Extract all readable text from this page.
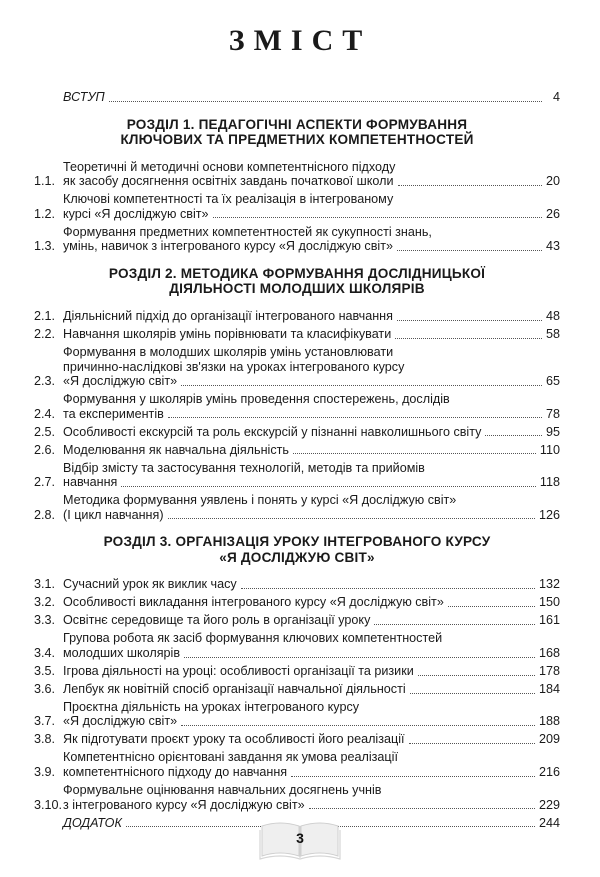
ЗМІСТ
ВСТУП	4
РОЗДІЛ 1. ПЕДАГОГІЧНІ АСПЕКТИ ФОРМУВАННЯ
КЛЮЧОВИХ ТА ПРЕДМЕТНИХ КОМПЕТЕНТНОСТЕЙ
1.1.
Теоретичні й методичні основи компетентнісного підходу
як засобу досягнення освітніх завдань початкової школи	20
1.2.
Ключові компетентності та їх реалізація в інтегрованому
курсі «Я досліджую світ»	26
1.3.
Формування предметних компетентностей як сукупності знань,
умінь, навичок з інтегрованого курсу «Я досліджую світ»	43
РОЗДІЛ 2. МЕТОДИКА ФОРМУВАННЯ ДОСЛІДНИЦЬКОЇ
ДІЯЛЬНОСТІ МОЛОДШИХ ШКОЛЯРІВ
2.1. Діяльнісний підхід до організації інтегрованого навчання	48
2.2. Навчання школярів умінь порівнювати та класифікувати	58
2.3.
Формування в молодших школярів умінь установлювати
причинно-наслідкові зв'язки на уроках інтегрованого курсу
«Я досліджую світ»	65
2.4.
Формування у школярів умінь проведення спостережень, дослідів
та експериментів	78
2.5. Особливості екскурсій та роль екскурсій у пізнанні навколишнього світу	95
2.6. Моделювання як навчальна діяльність	110
2.7.
Відбір змісту та застосування технологій, методів та прийомів
навчання	118
2.8.
Методика формування уявлень і понять у курсі «Я досліджую світ»
(I цикл навчання)	126
РОЗДІЛ 3. ОРГАНІЗАЦІЯ УРОКУ ІНТЕГРОВАНОГО КУРСУ
«Я ДОСЛІДЖУЮ СВІТ»
3.1. Сучасний урок як виклик часу	132
3.2. Особливості викладання інтегрованого курсу «Я досліджую світ»	150
3.3. Освітнє середовище та його роль в організації уроку	161
3.4.
Групова робота як засіб формування ключових компетентностей
молодших школярів	168
3.5. Ігрова діяльності на уроці: особливості організації та ризики	178
3.6. Лепбук як новітній спосіб організації навчальної діяльності	184
3.7.
Проєктна діяльність на уроках інтегрованого курсу
«Я досліджую світ»	188
3.8. Як підготувати проєкт уроку та особливості його реалізації	209
3.9.
Компетентнісно орієнтовані завдання як умова реалізації
компетентнісного підходу до навчання	216
3.10.
Формувальне оцінювання навчальних досягнень учнів
з інтегрованого курсу «Я досліджую світ»	229
ДОДАТОК	244
3
